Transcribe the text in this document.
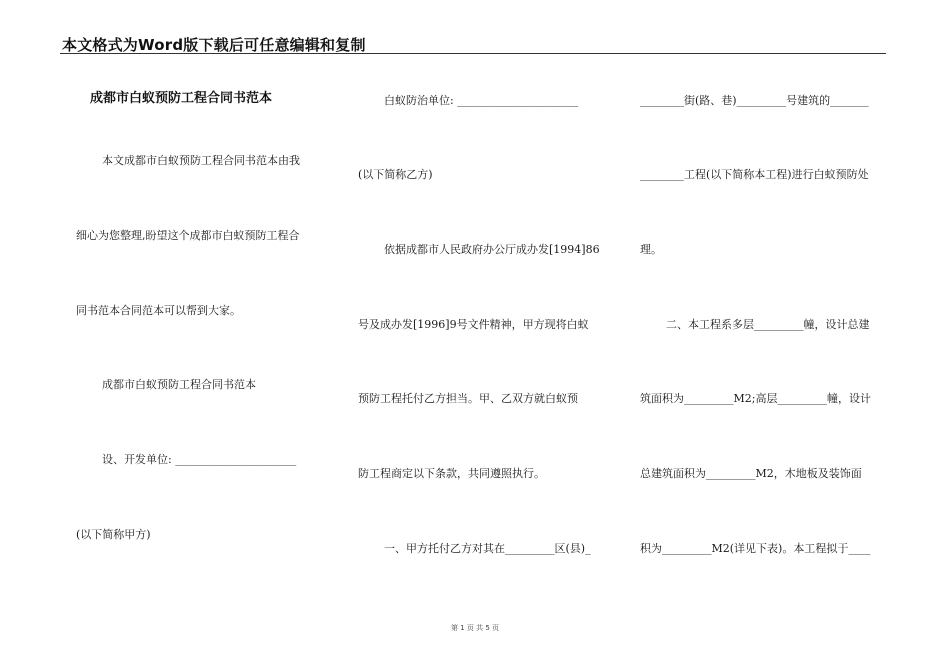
本文格式为Word版下载后可任意编辑和复制
成都市白蚁预防工程合同书范本
本文成都市白蚁预防工程合同书范本由我
细心为您整理,盼望这个成都市白蚁预防工程合
同书范本合同范本可以帮到大家。
成都市白蚁预防工程合同书范本
设、开发单位: ______________________
(以下简称甲方)
白蚁防治单位: ______________________
(以下简称乙方)
依据成都市人民政府办公厅成办发[1994]86
号及成办发[1996]9号文件精神，甲方现将白蚁
预防工程托付乙方担当。甲、乙双方就白蚁预
防工程商定以下条款，共同遵照执行。
一、甲方托付乙方对其在_________区(县)_
________街(路、巷)_________号建筑的_______
________工程(以下简称本工程)进行白蚁预防处
理。
二、本工程系多层_________幢，设计总建
筑面积为_________M2;高层_________幢，设计
总建筑面积为_________M2，木地板及装饰面
积为_________M2(详见下表)。本工程拟于____
第 1 页 共 5 页
